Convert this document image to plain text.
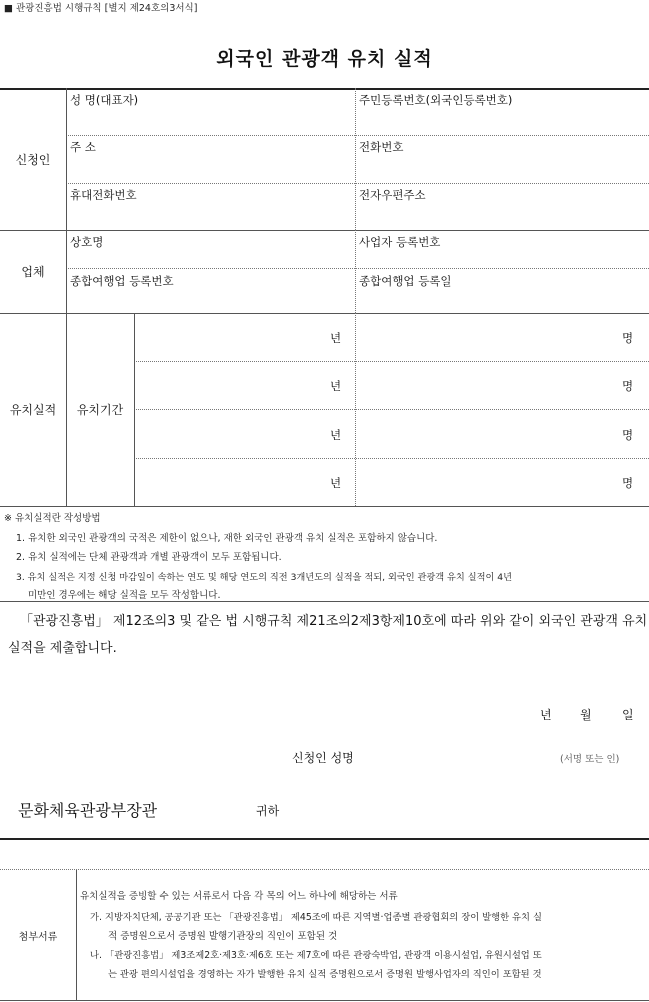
■ 관광진흥법 시행규칙 [별지 제24호의3서식]
외국인 관광객 유치 실적
신청인
성 명(대표자)	주민등록번호(외국인등록번호)
주 소	전화번호
휴대전화번호	전자우편주소
업체
상호명	사업자 등록번호
종합여행업 등록번호	종합여행업 등록일
유치실적 유치기간
년	명
년	명
년	명
년	명
※ 유치실적란 작성방법
1. 유치한 외국인 관광객의 국적은 제한이 없으나, 재한 외국인 관광객 유치 실적은 포함하지 않습니다.
2. 유치 실적에는 단체 관광객과 개별 관광객이 모두 포함됩니다.
3. 유치 실적은 지정 신청 마감일이 속하는 연도 및 해당 연도의 직전 3개년도의 실적을 적되, 외국인 관광객 유치 실적이 4년
미만인 경우에는 해당 실적을 모두 작성합니다.
「관광진흥법」 제12조의3 및 같은 법 시행규칙 제21조의2제3항제10호에 따라 위와 같이 외국인 관광객 유치 실적을 제출합니다.
년 월	일
신청인 성명	(서명 또는 인)
문화체육관광부장관	귀하
첨부서류
유치실적을 증빙할 수 있는 서류로서 다음 각 목의 어느 하나에 해당하는 서류
가. 지방자치단체, 공공기관 또는 「관광진흥법」 제45조에 따른 지역별·업종별 관광협회의 장이 발행한 유치 실
적 증명원으로서 증명원 발행기관장의 직인이 포함된 것
나. 「관광진흥법」 제3조제2호·제3호·제6호 또는 제7호에 따른 관광숙박업, 관광객 이용시설업, 유원시설업 또
는 관광 편의시설업을 경영하는 자가 발행한 유치 실적 증명원으로서 증명원 발행사업자의 직인이 포함된 것
